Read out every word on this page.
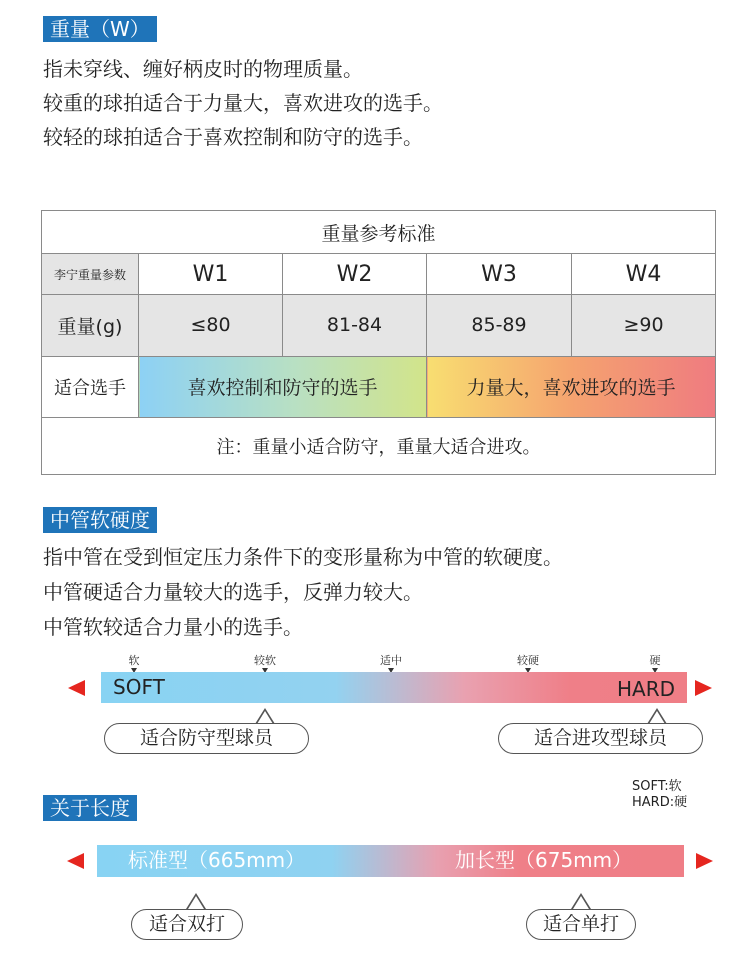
重量（W）
指未穿线、缠好柄皮时的物理质量。
较重的球拍适合于力量大，喜欢进攻的选手。
较轻的球拍适合于喜欢控制和防守的选手。
重量参考标准				
李宁重量参数	W1	W2	W3	W4
重量(g)	≤80	81-84	85-89	≥90
适合选手	喜欢控制和防守的选手		力量大，喜欢进攻的选手	
注：重量小适合防守，重量大适合进攻。				
中管软硬度
指中管在受到恒定压力条件下的变形量称为中管的软硬度。
中管硬适合力量较大的选手，反弹力较大。
中管软较适合力量小的选手。
软	较软	适中	较硬	硬
SOFT	HARD
适合防守型球员	适合进攻型球员
SOFT:软
HARD:硬
关于长度
标准型（665mm）	加长型（675mm）
适合双打	适合单打
